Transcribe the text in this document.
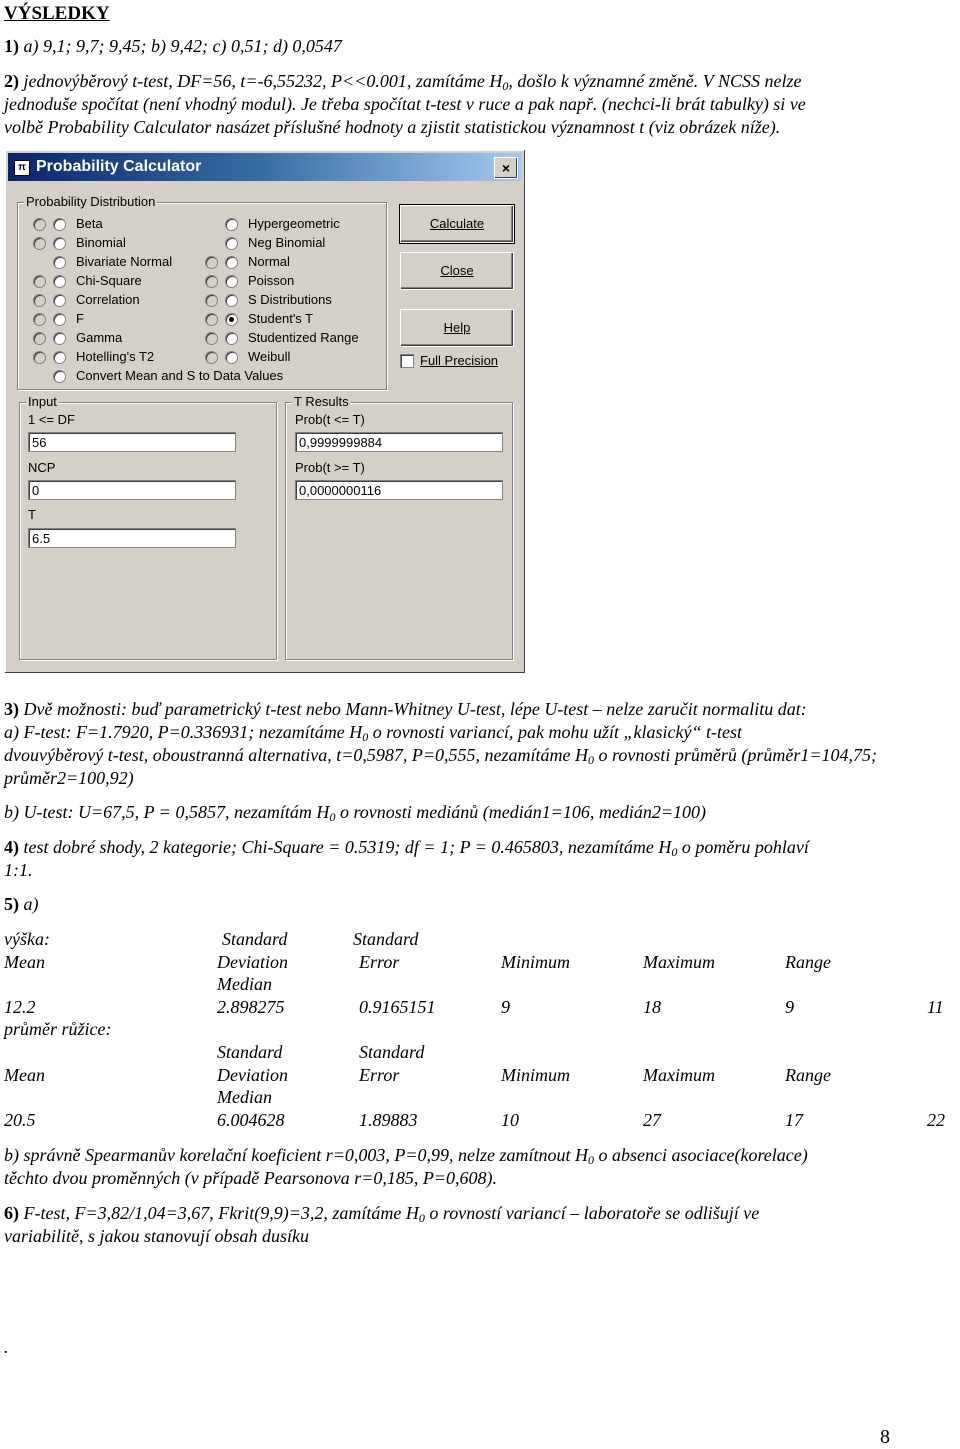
VÝSLEDKY
1) a) 9,1; 9,7; 9,45; b) 9,42; c) 0,51; d) 0,0547
2) jednovýběrový t-test, DF=56, t=-6,55232, P<<0.001, zamítáme $H_0$, došlo k významné změně. V NCSS nelze
jednoduše spočítat (není vhodný modul). Je třeba spočítat t-test v ruce a pak např. (nechci-li brát tabulky) si ve
volbě Probability Calculator nasázet příslušné hodnoty a zjistit statistickou významnost t (viz obrázek níže).
3) Dvě možnosti: buď parametrický t-test nebo Mann-Whitney U-test, lépe U-test – nelze zaručit normalitu dat:
a) F-test: F=1.7920, P=0.336931; nezamítáme $H_0$ o rovnosti variancí, pak mohu užít „klasický“ t-test
dvouvýběrový t-test, oboustranná alternativa, t=0,5987, P=0,555, nezamítáme $H_0$ o rovnosti průměrů (průměr1=104,75;
průměr2=100,92)
b) U-test: U=67,5, P = 0,5857, nezamítám $H_0$ o rovnosti mediánů (medián1=106, medián2=100)
4) test dobré shody, 2 kategorie; Chi-Square = 0.5319; df = 1; P = 0.465803, nezamítáme $H_0$ o poměru pohlaví
1:1.
5) a)
výška:	Standard	Standard
Mean	Deviation	Error	Minimum	Maximum	Range
Median
12.2	2.898275	0.9165151	9	18	9	11
průměr růžice:
Standard	Standard
Mean	Deviation	Error	Minimum	Maximum	Range
Median
20.5	6.004628	1.89883	10	27	17	22
b) správně Spearmanův korelační koeficient r=0,003, P=0,99, nelze zamítnout $H_0$ o absenci asociace(korelace)
těchto dvou proměnných (v případě Pearsonova r=0,185, P=0,608).
6) F-test, F=3,82/1,04=3,67, Fkrit(9,9)=3,2, zamítáme $H_0$ o rovností variancí – laboratoře se odlišují ve
variabilitě, s jakou stanovují obsah dusíku
.
8
π Probability Calculator	×
Probability Distribution
Beta
Binomial
Bivariate Normal
Chi-Square
Correlation
F
Gamma
Hotelling's T2
Convert Mean and S to Data Values
Hypergeometric
Neg Binomial
Normal
Poisson
S Distributions
Student's T
Studentized Range
Weibull
Calculate
Close
Help
Full Precision
Input
1 <= DF
56
NCP
0
T
6.5
T Results
Prob(t <= T)
0,9999999884
Prob(t >= T)
0,0000000116
